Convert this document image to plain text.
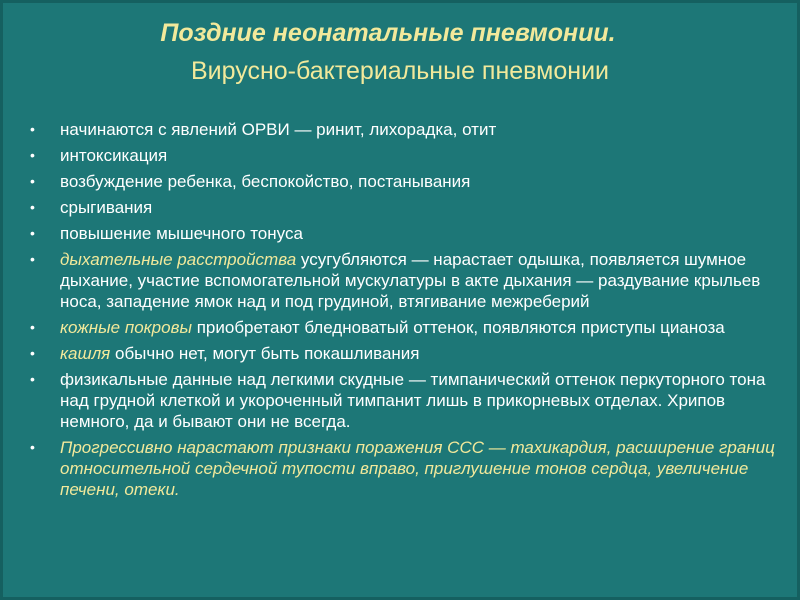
Поздние неонатальные пневмонии.
Вирусно-бактериальные пневмонии
• начинаются с явлений ОРВИ — ринит, лихорадка, отит
• интоксикация
• возбуждение ребенка, беспокойство, постанывания
• срыгивания
• повышение мышечного тонуса
• дыхательные расстройства усугубляются — нарастает одышка, появляется шумное дыхание, участие вспомогательной мускулатуры в акте дыхания — раздувание крыльев носа, западение ямок над и под грудиной, втягивание межреберий
• кожные покровы приобретают бледноватый оттенок, появляются приступы цианоза
• кашля обычно нет, могут быть покашливания
• физикальные данные над легкими скудные — тимпанический оттенок перкуторного тона над грудной клеткой и укороченный тимпанит лишь в прикорневых отделах. Хрипов немного, да и бывают они не всегда.
• Прогрессивно нарастают признаки поражения ССС — тахикардия, расширение границ относительной сердечной тупости вправо, приглушение тонов сердца, увеличение печени, отеки.
